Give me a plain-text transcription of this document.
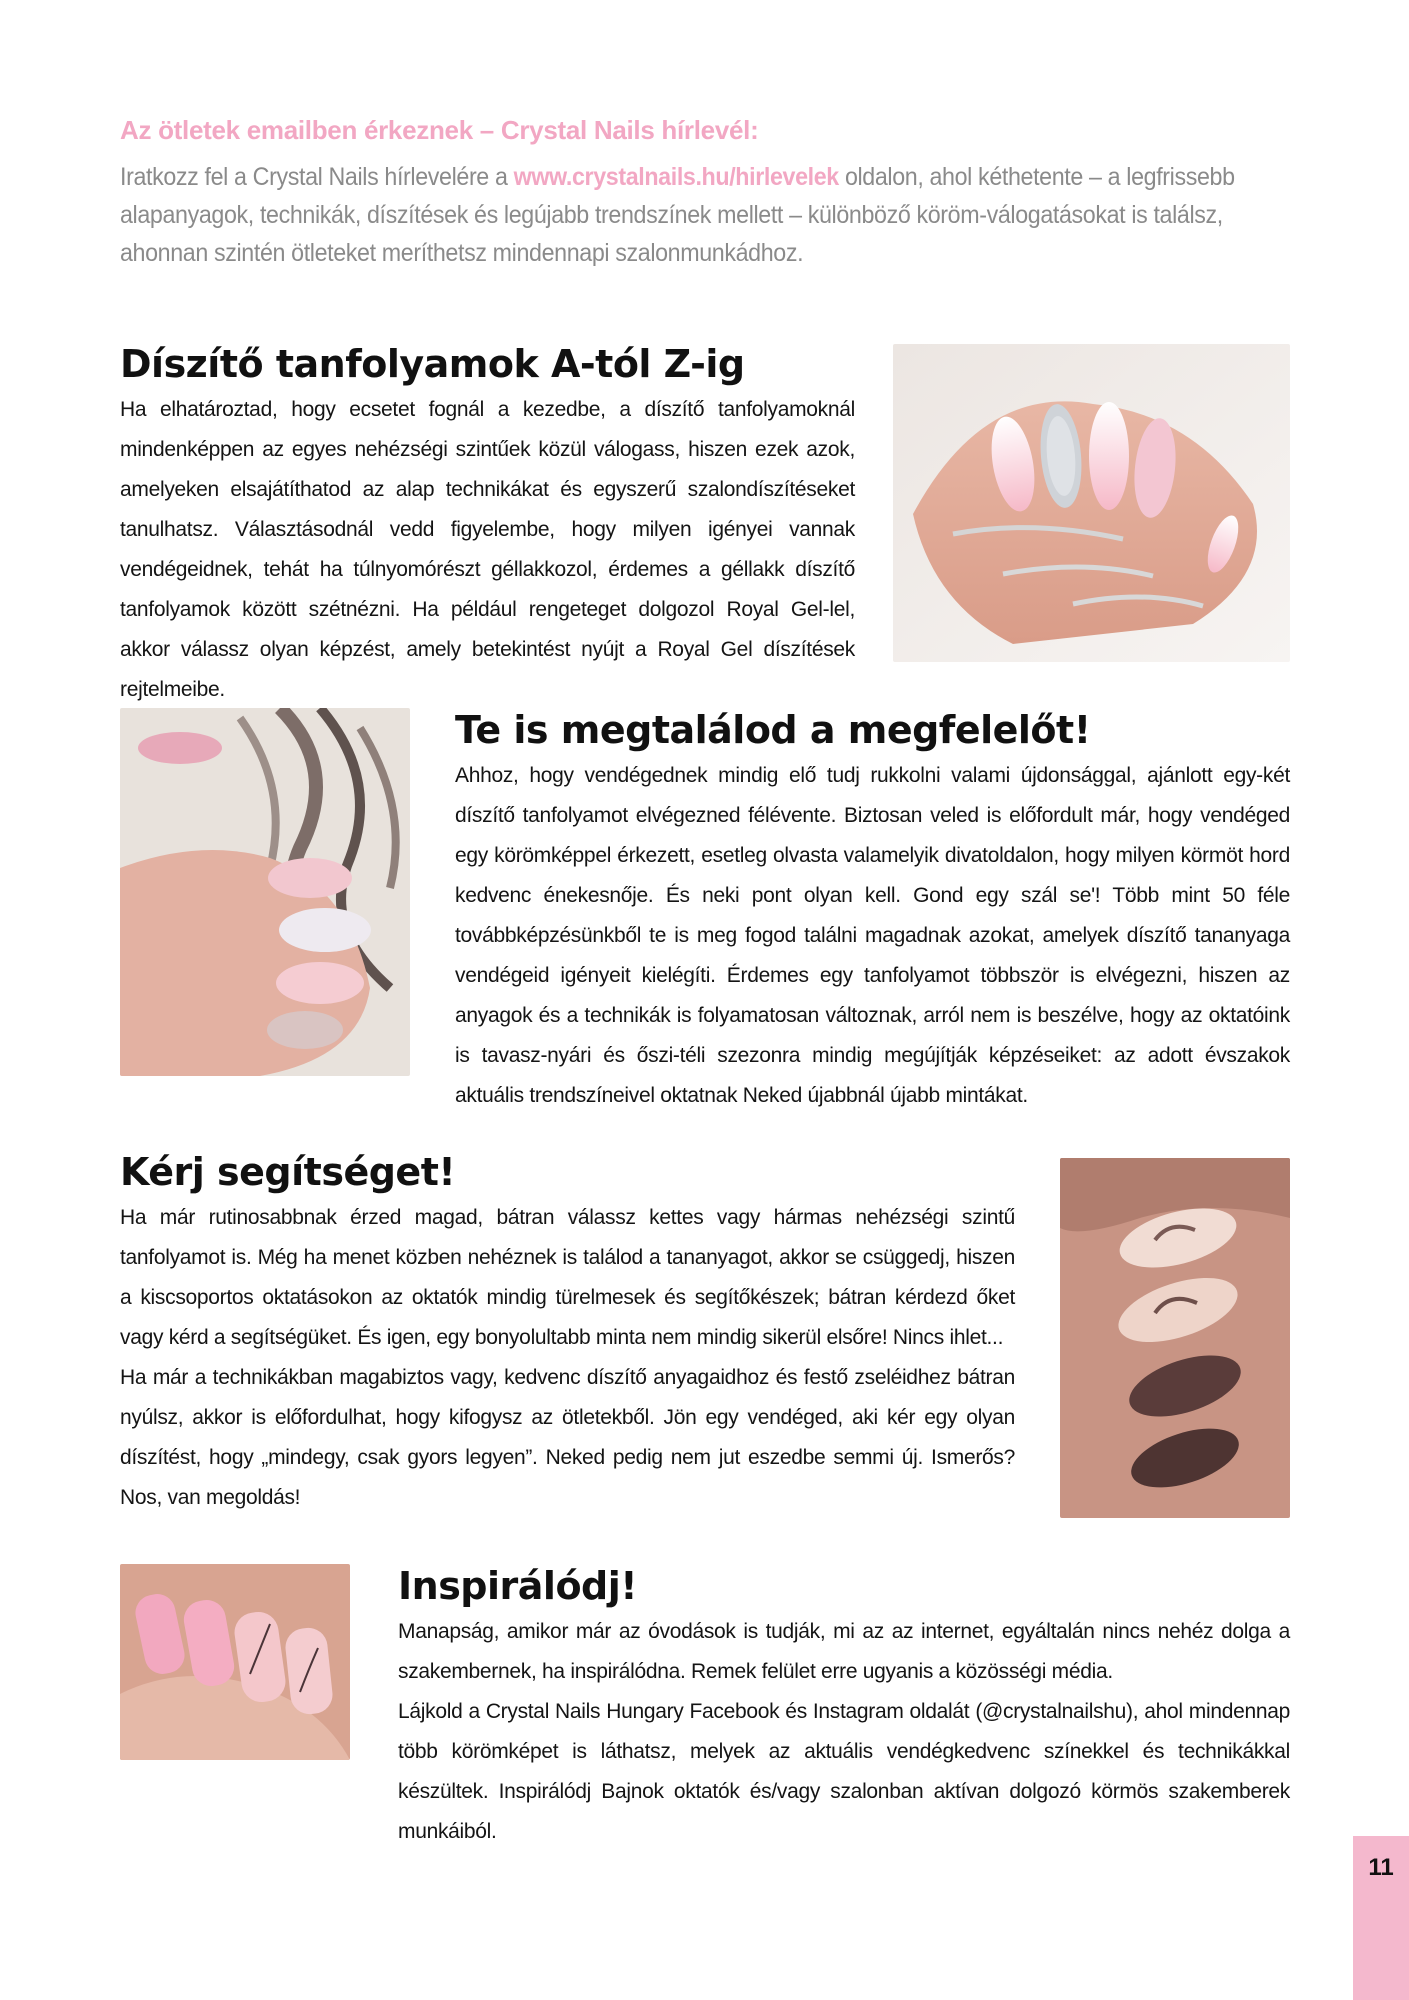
Az ötletek emailben érkeznek – Crystal Nails hírlevél:
Iratkozz fel a Crystal Nails hírlevelére a www.crystalnails.hu/hirlevelek oldalon, ahol kéthetente – a legfrissebb alapanyagok, technikák, díszítések és legújabb trendszínek mellett – különböző köröm-válogatásokat is találsz, ahonnan szintén ötleteket meríthetsz mindennapi szalonmunkádhoz.
Díszítő tanfolyamok A-tól Z-ig

Ha elhatároztad, hogy ecsetet fognál a kezedbe, a díszítő tanfolyamoknál mindenképpen az egyes nehézségi szintűek közül válogass, hiszen ezek azok, amelyeken elsajátíthatod az alap technikákat és egyszerű szalondíszítéseket tanulhatsz. Választásodnál vedd figyelembe, hogy milyen igényei vannak vendégeidnek, tehát ha túlnyomórészt géllakkozol, érdemes a géllakk díszítő tanfolyamok között szétnézni. Ha például rengeteget dolgozol Royal Gel-lel, akkor válassz olyan képzést, amely betekintést nyújt a Royal Gel díszítések rejtelmeibe.

Te is megtalálod a megfelelőt!

Ahhoz, hogy vendégednek mindig elő tudj rukkolni valami újdonsággal, ajánlott egy-két díszítő tanfolyamot elvégezned félévente. Biztosan veled is előfordult már, hogy vendéged egy körömképpel érkezett, esetleg olvasta valamelyik divatoldalon, hogy milyen körmöt hord kedvenc énekesnője. És neki pont olyan kell. Gond egy szál se'! Több mint 50 féle továbbképzésünkből te is meg fogod találni magadnak azokat, amelyek díszítő tananyaga vendégeid igényeit kielégíti. Érdemes egy tanfolyamot többször is elvégezni, hiszen az anyagok és a technikák is folyamatosan változnak, arról nem is beszélve, hogy az oktatóink is tavasz-nyári és őszi-téli szezonra mindig megújítják képzéseiket: az adott évszakok aktuális trendszíneivel oktatnak Neked újabbnál újabb mintákat.

Kérj segítséget!

Ha már rutinosabbnak érzed magad, bátran válassz kettes vagy hármas nehézségi szintű tanfolyamot is. Még ha menet közben nehéznek is találod a tananyagot, akkor se csüggedj, hiszen a kiscsoportos oktatásokon az oktatók mindig türelmesek és segítőkészek; bátran kérdezd őket vagy kérd a segítségüket. És igen, egy bonyolultabb minta nem mindig sikerül elsőre! Nincs ihlet...

Ha már a technikákban magabiztos vagy, kedvenc díszítő anyagaidhoz és festő zseléidhez bátran nyúlsz, akkor is előfordulhat, hogy kifogysz az ötletekből. Jön egy vendéged, aki kér egy olyan díszítést, hogy „mindegy, csak gyors legyen”. Neked pedig nem jut eszedbe semmi új. Ismerős? Nos, van megoldás!

Inspirálódj!

Manapság, amikor már az óvodások is tudják, mi az az internet, egyáltalán nincs nehéz dolga a szakembernek, ha inspirálódna. Remek felület erre ugyanis a közösségi média.

Lájkold a Crystal Nails Hungary Facebook és Instagram oldalát (@crystalnailshu), ahol mindennap több körömképet is láthatsz, melyek az aktuális vendégkedvenc színekkel és technikákkal készültek. Inspirálódj Bajnok oktatók és/vagy szalonban aktívan dolgozó körmös szakemberek munkáiból.

11
